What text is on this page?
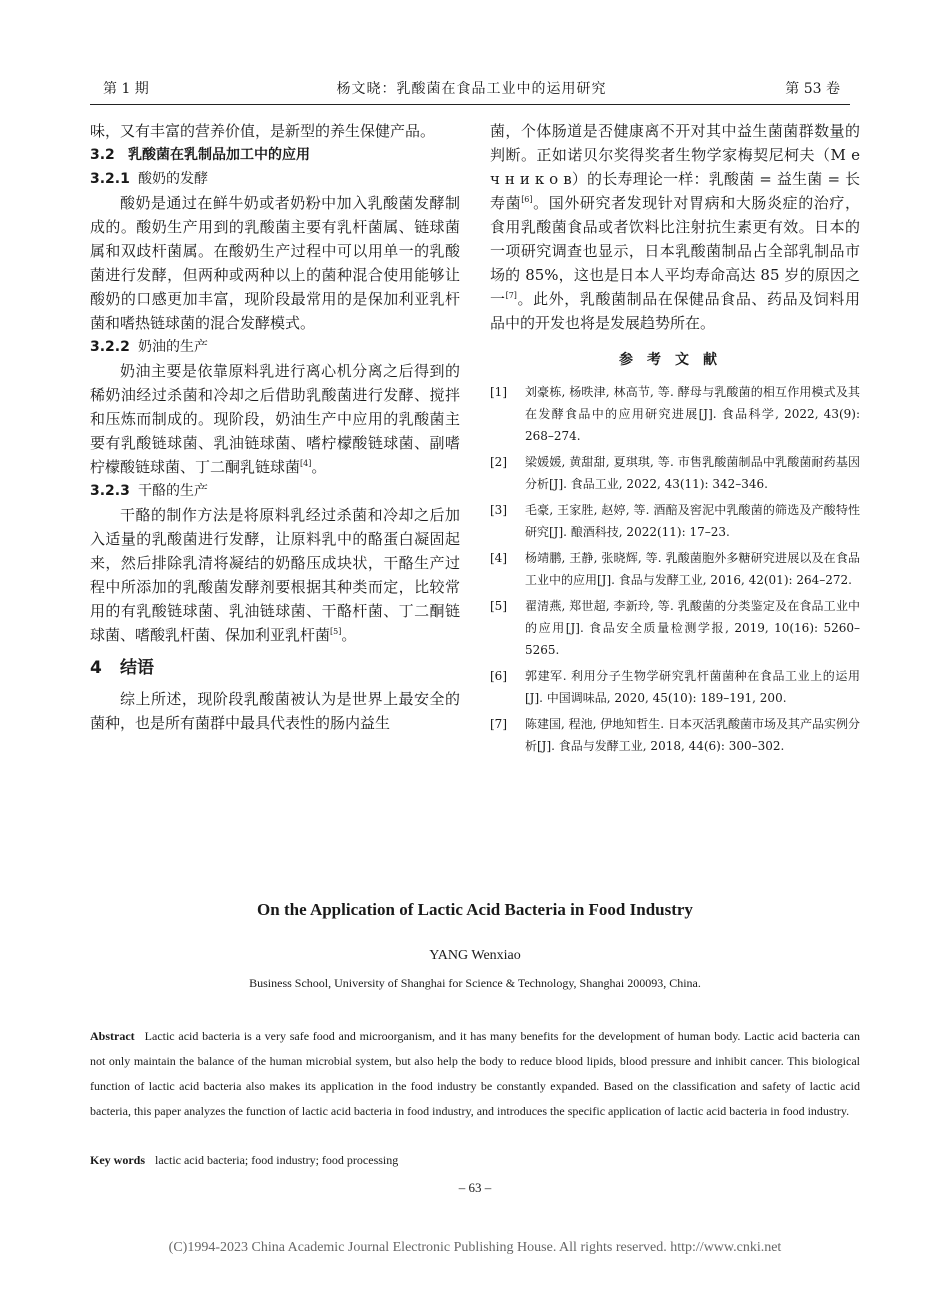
第 1 期	杨文晓：乳酸菌在食品工业中的运用研究	第 53 卷

味，又有丰富的营养价值，是新型的养生保健产品。

3.2 乳酸菌在乳制品加工中的应用

3.2.1 酸奶的发酵

酸奶是通过在鲜牛奶或者奶粉中加入乳酸菌发酵制成的。酸奶生产用到的乳酸菌主要有乳杆菌属、链球菌属和双歧杆菌属。在酸奶生产过程中可以用单一的乳酸菌进行发酵，但两种或两种以上的菌种混合使用能够让酸奶的口感更加丰富，现阶段最常用的是保加利亚乳杆菌和嗜热链球菌的混合发酵模式。

3.2.2 奶油的生产

奶油主要是依靠原料乳进行离心机分离之后得到的稀奶油经过杀菌和冷却之后借助乳酸菌进行发酵、搅拌和压炼而制成的。现阶段，奶油生产中应用的乳酸菌主要有乳酸链球菌、乳油链球菌、嗜柠檬酸链球菌、副嗜柠檬酸链球菌、丁二酮乳链球菌[4]。

3.2.3 干酪的生产

干酪的制作方法是将原料乳经过杀菌和冷却之后加入适量的乳酸菌进行发酵，让原料乳中的酪蛋白凝固起来，然后排除乳清将凝结的奶酪压成块状，干酪生产过程中所添加的乳酸菌发酵剂要根据其种类而定，比较常用的有乳酸链球菌、乳油链球菌、干酪杆菌、丁二酮链球菌、嗜酸乳杆菌、保加利亚乳杆菌[5]。

4 结语

综上所述，现阶段乳酸菌被认为是世界上最安全的菌种，也是所有菌群中最具代表性的肠内益生

菌，个体肠道是否健康离不开对其中益生菌菌群数量的判断。正如诺贝尔奖得奖者生物学家梅契尼柯夫（М е ч н и к о в）的长寿理论一样：乳酸菌 = 益生菌 = 长寿菌[6]。国外研究者发现针对胃病和大肠炎症的治疗，食用乳酸菌食品或者饮料比注射抗生素更有效。日本的一项研究调查也显示，日本乳酸菌制品占全部乳制品市场的 85%，这也是日本人平均寿命高达 85 岁的原因之一[7]。此外，乳酸菌制品在保健品食品、药品及饲料用品中的开发也将是发展趋势所在。

参考文献

[1]	刘豪栋, 杨昳津, 林高节, 等. 酵母与乳酸菌的相互作用模式及其在发酵食品中的应用研究进展[J]. 食品科学, 2022, 43(9): 268–274.

[2]	梁媛媛, 黄甜甜, 夏琪琪, 等. 市售乳酸菌制品中乳酸菌耐药基因分析[J]. 食品工业, 2022, 43(11): 342–346.

[3]	毛豪, 王家胜, 赵婷, 等. 酒醅及窖泥中乳酸菌的筛选及产酸特性研究[J]. 酿酒科技, 2022(11): 17–23.

[4]	杨靖鹏, 王静, 张晓辉, 等. 乳酸菌胞外多糖研究进展以及在食品工业中的应用[J]. 食品与发酵工业, 2016, 42(01): 264–272.

[5]	翟清燕, 郑世超, 李新玲, 等. 乳酸菌的分类鉴定及在食品工业中的应用[J]. 食品安全质量检测学报, 2019, 10(16): 5260–5265.

[6]	郭建军. 利用分子生物学研究乳杆菌菌种在食品工业上的运用[J]. 中国调味品, 2020, 45(10): 189–191, 200.

[7]	陈建国, 程池, 伊地知哲生. 日本灭活乳酸菌市场及其产品实例分析[J]. 食品与发酵工业, 2018, 44(6): 300–302.

On the Application of Lactic Acid Bacteria in Food Industry
YANG Wenxiao
Business School, University of Shanghai for Science & Technology, Shanghai 200093, China.

Abstract Lactic acid bacteria is a very safe food and microorganism, and it has many benefits for the development of human body. Lactic acid bacteria can not only maintain the balance of the human microbial system, but also help the body to reduce blood lipids, blood pressure and inhibit cancer. This biological function of lactic acid bacteria also makes its application in the food industry be constantly expanded. Based on the classification and safety of lactic acid bacteria, this paper analyzes the function of lactic acid bacteria in food industry, and introduces the specific application of lactic acid bacteria in food industry.

Key words lactic acid bacteria; food industry; food processing
– 63 –
(C)1994-2023 China Academic Journal Electronic Publishing House. All rights reserved. http://www.cnki.net
